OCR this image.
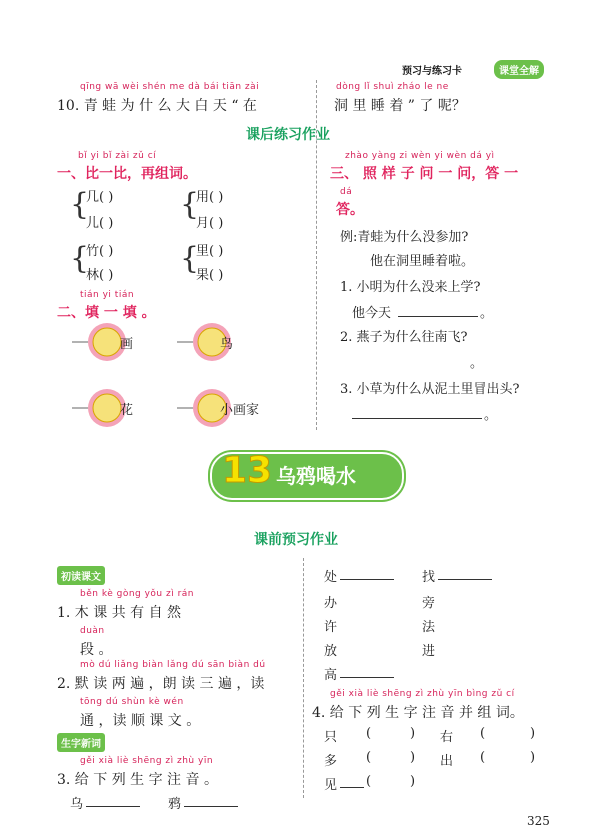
预习与练习卡	课堂全解
qīng wā wèi shén me dà bái tiān zài
10. 青 蛙 为 什 么 大 白 天 “ 在
dòng lǐ shuì zháo le ne
洞 里 睡 着 ” 了 呢？
课后练习作业
bǐ yi bǐ zài zǔ cí
一、比一比，再组词。
{
几( )
儿( )
{
用( )
月( )
{
竹( )
林( ) {
里( )
果( )
tián yi tián
二、填 一 填 。
画	鸟
花	小画家
zhào yàng zi wèn yi wèn dá yì
三、 照 样 子 问 一 问，答 一
dá
答。
例:青蛙为什么没参加?
他在洞里睡着啦。
1. 小明为什么没来上学?
他今天	。
2. 燕子为什么往南飞?
。
3. 小草为什么从泥土里冒出头?
。
13 乌鸦喝水
课前预习作业
初读课文
běn kè gòng yǒu zì rán
1. 木 课 共 有 自 然
duàn
段 。
mò dú liǎng biàn lǎng dú sān biàn dú
2. 默 读 两 遍 ，朗 读 三 遍 ，读
tōng dú shùn kè wén
通 ，读 顺 课 文 。
生字新词
gěi xià liè shēng zì zhù yīn
3. 给 下 列 生 字 注 音 。
乌	鸦
处	找
办	旁
许	法
放	进
高
gěi xià liè shēng zì zhù yīn bìng zǔ cí
4. 给 下 列 生 字 注 音 并 组 词。
只 (	) 右 (	)
多 (	) 出 (	)
见 (	)
325
